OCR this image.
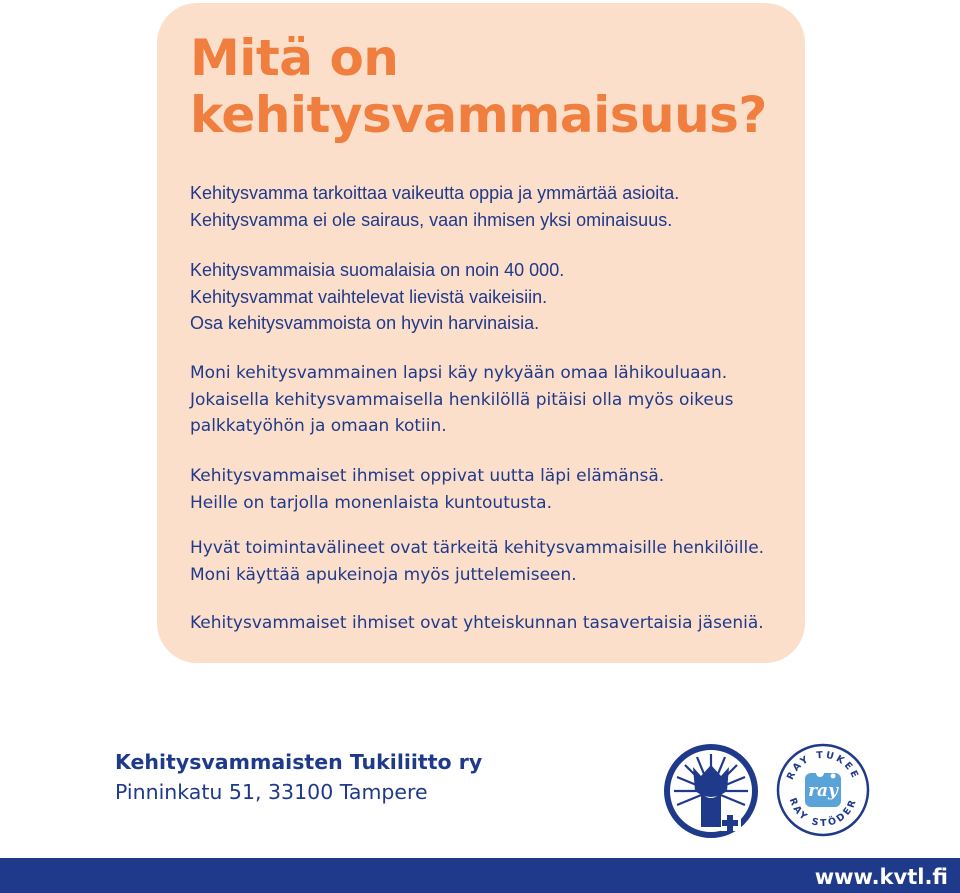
Mitä on
kehitysvammaisuus?

Kehitysvamma tarkoittaa vaikeutta oppia ja ymmärtää asioita.
Kehitysvamma ei ole sairaus, vaan ihmisen yksi ominaisuus.

Kehitysvammaisia suomalaisia on noin 40 000.
Kehitysvammat vaihtelevat lievistä vaikeisiin.
Osa kehitysvammoista on hyvin harvinaisia.

Moni kehitysvammainen lapsi käy nykyään omaa lähikouluaan.
Jokaisella kehitysvammaisella henkilöllä pitäisi olla myös oikeus
palkkatyöhön ja omaan kotiin.

Kehitysvammaiset ihmiset oppivat uutta läpi elämänsä.
Heille on tarjolla monenlaista kuntoutusta.

Hyvät toimintavälineet ovat tärkeitä kehitysvammaisille henkilöille.
Moni käyttää apukeinoja myös juttelemiseen.

Kehitysvammaiset ihmiset ovat yhteiskunnan tasavertaisia jäseniä.

Kehitysvammaisten Tukiliitto ry

Pinninkatu 51, 33100 Tampere

RAY TUKEE
RAY STÖDER
ray

www.kvtl.fi
